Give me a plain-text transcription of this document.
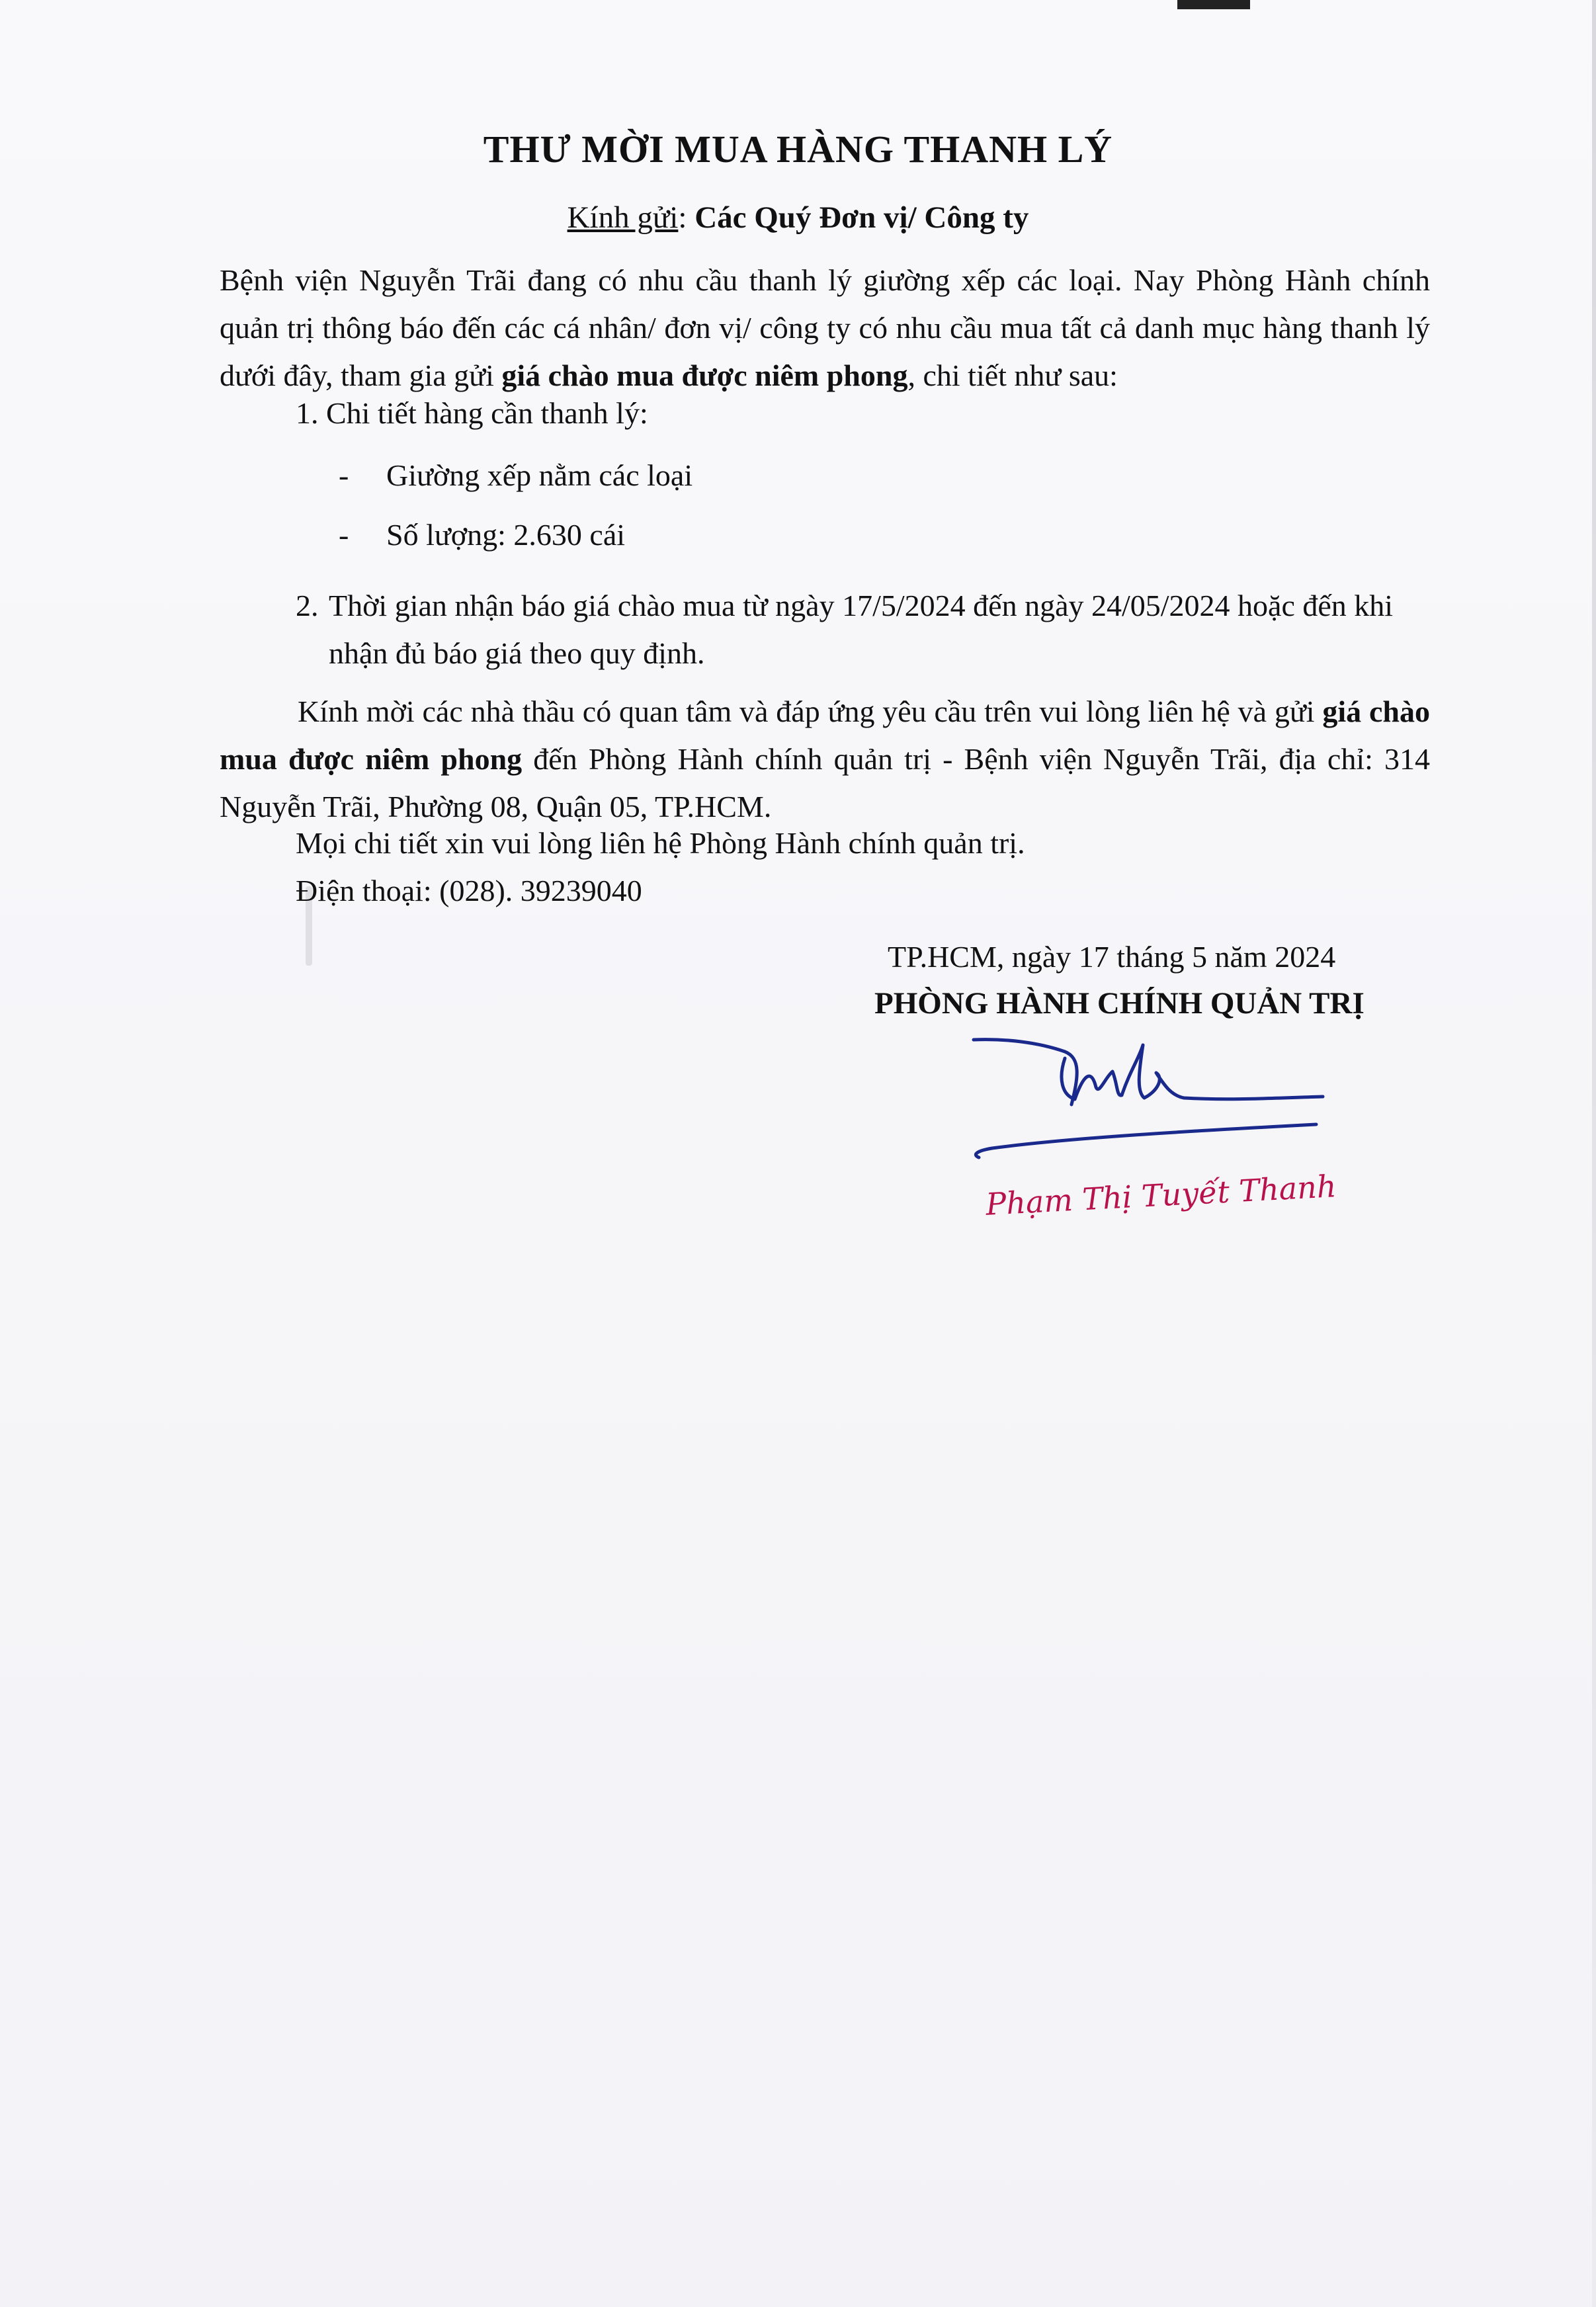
THƯ MỜI MUA HÀNG THANH LÝ
Kính gửi: Các Quý Đơn vị/ Công ty
Bệnh viện Nguyễn Trãi đang có nhu cầu thanh lý giường xếp các loại. Nay Phòng Hành chính quản trị thông báo đến các cá nhân/ đơn vị/ công ty có nhu cầu mua tất cả danh mục hàng thanh lý dưới đây, tham gia gửi giá chào mua được niêm phong, chi tiết như sau:
1. Chi tiết hàng cần thanh lý:
- Giường xếp nằm các loại
- Số lượng: 2.630 cái
2. Thời gian nhận báo giá chào mua từ ngày 17/5/2024 đến ngày 24/05/2024 hoặc đến khi nhận đủ báo giá theo quy định.
Kính mời các nhà thầu có quan tâm và đáp ứng yêu cầu trên vui lòng liên hệ và gửi giá chào mua được niêm phong đến Phòng Hành chính quản trị - Bệnh viện Nguyễn Trãi, địa chỉ: 314 Nguyễn Trãi, Phường 08, Quận 05, TP.HCM.
Mọi chi tiết xin vui lòng liên hệ Phòng Hành chính quản trị.
Điện thoại: (028). 39239040
TP.HCM, ngày 17 tháng 5 năm 2024
PHÒNG HÀNH CHÍNH QUẢN TRỊ
Phạm Thị Tuyết Thanh
